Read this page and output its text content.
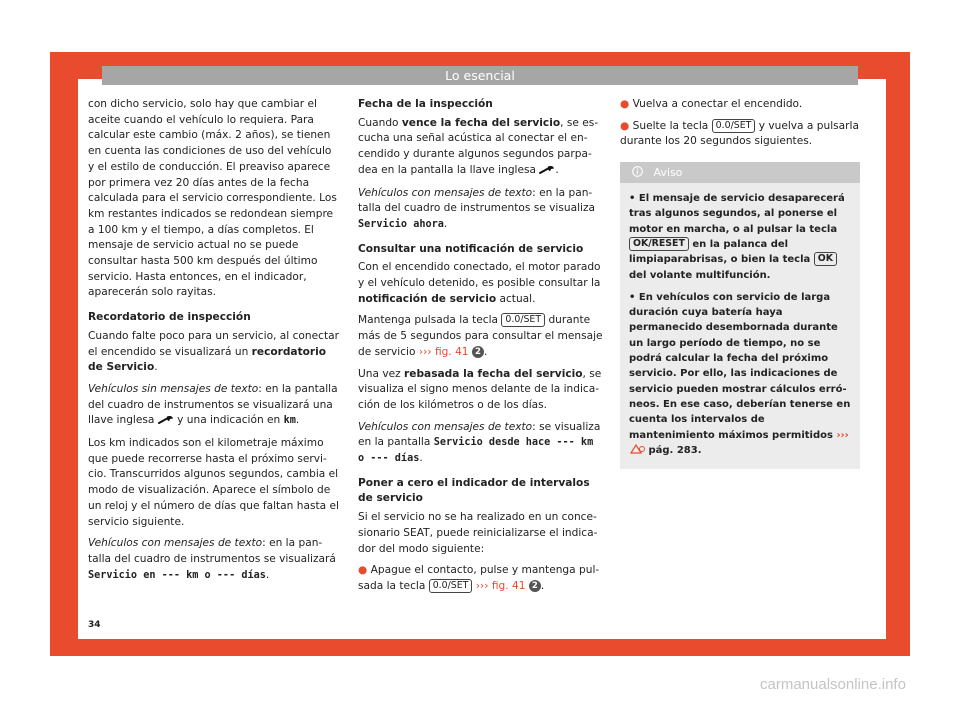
Lo esencial

con dicho servicio, solo hay que cambiar el aceite cuando el vehículo lo requiera. Para calcular este cambio (máx. 2 años), se tienen en cuenta las condiciones de uso del vehículo y el estilo de conducción. El preaviso aparece por primera vez 20 días antes de la fecha calculada para el servicio correspondiente. Los km restantes indicados se redondean siempre a 100 km y el tiempo, a días completos. El mensaje de servicio actual no se puede consultar hasta 500 km después del último servicio. Hasta entonces, en el indicador, aparecerán solo rayitas.

Recordatorio de inspección

Cuando falte poco para un servicio, al conectar el encendido se visualizará un recordatorio de Servicio.

Vehículos sin mensajes de texto: en la pantalla del cuadro de instrumentos se visualizará una llave inglesa  y una indicación en km.

Los km indicados son el kilometraje máximo que puede recorrerse hasta el próximo servicio. Transcurridos algunos segundos, cambia el modo de visualización. Aparece el símbolo de un reloj y el número de días que faltan hasta el servicio siguiente.

Vehículos con mensajes de texto: en la pantalla del cuadro de instrumentos se visualizará Servicio en --- km o --- días.

Fecha de la inspección

Cuando vence la fecha del servicio, se escucha una señal acústica al conectar el encendido y durante algunos segundos parpadea en la pantalla la llave inglesa .

Vehículos con mensajes de texto: en la pantalla del cuadro de instrumentos se visualiza Servicio ahora.

Consultar una notificación de servicio

Con el encendido conectado, el motor parado y el vehículo detenido, es posible consultar la notificación de servicio actual.

Mantenga pulsada la tecla 0.0/SET durante más de 5 segundos para consultar el mensaje de servicio ››› fig. 41 2 .

Una vez rebasada la fecha del servicio, se visualiza el signo menos delante de la indicación de los kilómetros o de los días.

Vehículos con mensajes de texto: se visualiza en la pantalla Servicio desde hace --- km o --- días.

Poner a cero el indicador de intervalos de servicio

Si el servicio no se ha realizado en un concesionario SEAT, puede reinicializarse el indicador del modo siguiente:

● Apague el contacto, pulse y mantenga pulsada la tecla 0.0/SET ››› fig. 41 2 .

● Vuelva a conectar el encendido.

● Suelte la tecla 0.0/SET y vuelva a pulsarla durante los 20 segundos siguientes.

Aviso

• El mensaje de servicio desaparecerá tras algunos segundos, al ponerse el motor en marcha, o al pulsar la tecla OK/RESET en la palanca del limpiaparabrisas, o bien la tecla OK del volante multifunción.

• En vehículos con servicio de larga duración cuya batería haya permanecido desembornada durante un largo período de tiempo, no se podrá calcular la fecha del próximo servicio. Por ello, las indicaciones de servicio pueden mostrar cálculos erróneos. En ese caso, deberían tenerse en cuenta los intervalos de mantenimiento máximos permitidos ›››  pág. 283.

34
carmanualsonline.info
